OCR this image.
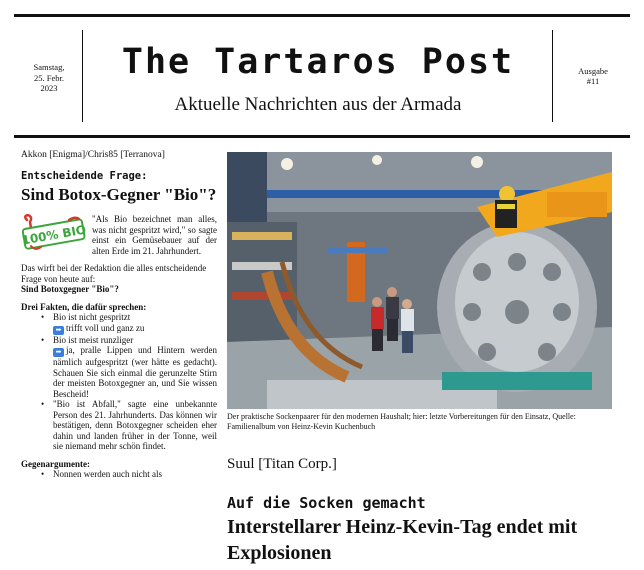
Samstag,
25. Febr.
2023
The Tartaros Post
Aktuelle Nachrichten aus der Armada
Ausgabe
#11
Akkon [Enigma]/Chris85 [Terranova]
Entscheidende Frage:
Sind Botox-Gegner "Bio"?
100% BIO
"Als Bio bezeichnet man alles, was nicht gespritzt wird," so sagte einst ein Gemüsebauer auf der alten Erde im 21. Jahrhundert.
Das wirft bei der Redaktion die alles entscheidende Frage von heute auf:
Sind Botoxgegner "Bio"?
Drei Fakten, die dafür sprechen:
• Bio ist nicht gespritzt
➡ trifft voll und ganz zu
• Bio ist meist runzliger
➡ ja, pralle Lippen und Hintern werden nämlich aufgespritzt (wer hätte es gedacht). Schauen Sie sich einmal die gerunzelte Stirn der meisten Botoxgegner an, und Sie wissen Bescheid!
• "Bio ist Abfall," sagte eine unbekannte Person des 21. Jahrhunderts. Das können wir bestätigen, denn Botoxgegner scheiden eher dahin und landen früher in der Tonne, weil sie niemand mehr schön findet.
Gegenargumente:
• Nonnen werden auch nicht als
Der praktische Sockenpaarer für den modernen Haushalt; hier: letzte Vorbereitungen für den Einsatz, Quelle: Familienalbum von Heinz-Kevin Kuchenbuch
Suul [Titan Corp.]
Auf die Socken gemacht
Interstellarer Heinz-Kevin-Tag endet mit Explosionen
